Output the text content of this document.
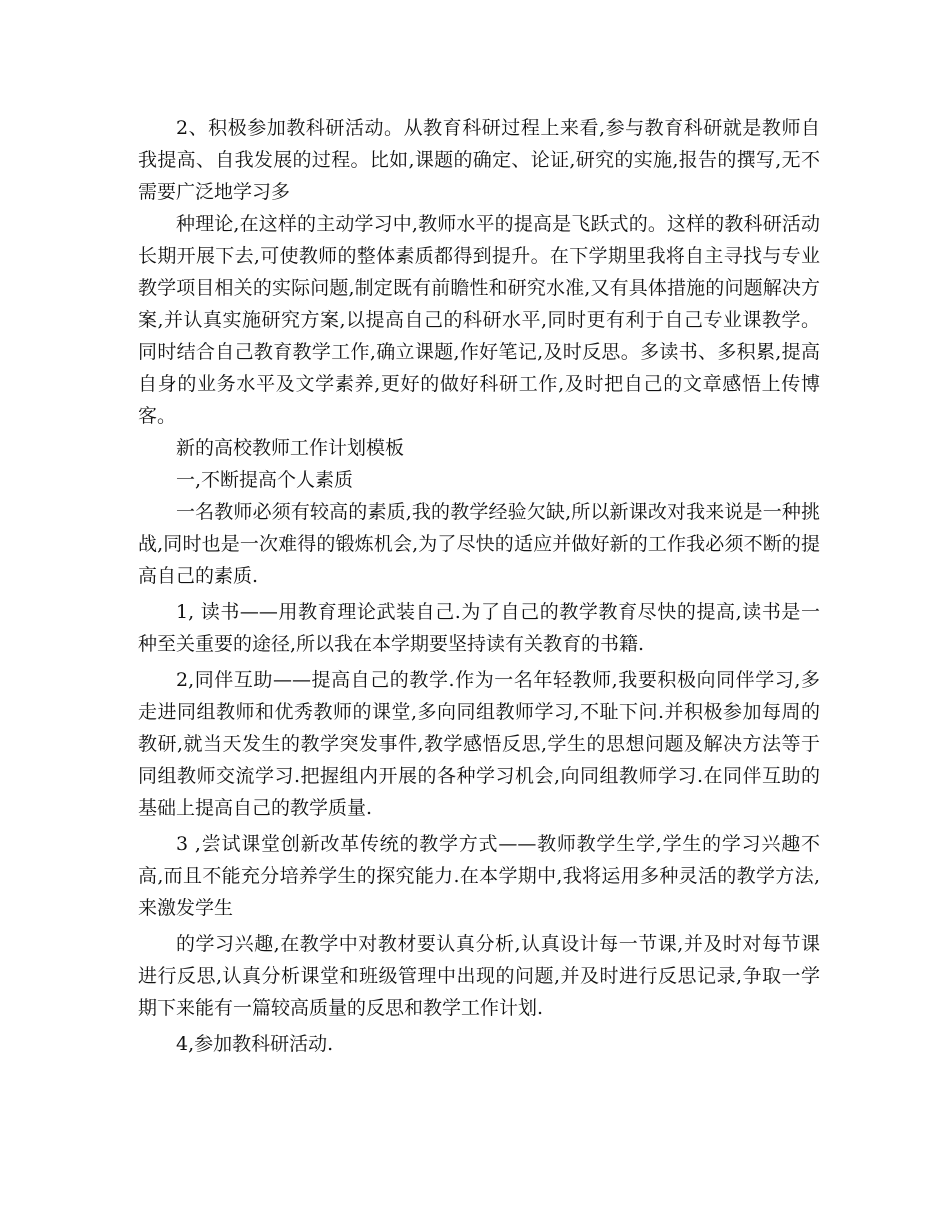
2、积极参加教科研活动。从教育科研过程上来看,参与教育科研就是教师自我提高、自我发展的过程。比如,课题的确定、论证,研究的实施,报告的撰写,无不需要广泛地学习多

种理论,在这样的主动学习中,教师水平的提高是飞跃式的。这样的教科研活动长期开展下去,可使教师的整体素质都得到提升。在下学期里我将自主寻找与专业教学项目相关的实际问题,制定既有前瞻性和研究水准,又有具体措施的问题解决方案,并认真实施研究方案,以提高自己的科研水平,同时更有利于自己专业课教学。同时结合自己教育教学工作,确立课题,作好笔记,及时反思。多读书、多积累,提高自身的业务水平及文学素养,更好的做好科研工作,及时把自己的文章感悟上传博客。

新的高校教师工作计划模板

一,不断提高个人素质

一名教师必须有较高的素质,我的教学经验欠缺,所以新课改对我来说是一种挑战,同时也是一次难得的锻炼机会,为了尽快的适应并做好新的工作我必须不断的提高自己的素质.

1, 读书——用教育理论武装自己.为了自己的教学教育尽快的提高,读书是一种至关重要的途径,所以我在本学期要坚持读有关教育的书籍.

2,同伴互助——提高自己的教学.作为一名年轻教师,我要积极向同伴学习,多走进同组教师和优秀教师的课堂,多向同组教师学习,不耻下问.并积极参加每周的教研,就当天发生的教学突发事件,教学感悟反思,学生的思想问题及解决方法等于同组教师交流学习.把握组内开展的各种学习机会,向同组教师学习.在同伴互助的基础上提高自己的教学质量.

3 ,尝试课堂创新改革传统的教学方式——教师教学生学,学生的学习兴趣不高,而且不能充分培养学生的探究能力.在本学期中,我将运用多种灵活的教学方法,来激发学生

的学习兴趣,在教学中对教材要认真分析,认真设计每一节课,并及时对每节课进行反思,认真分析课堂和班级管理中出现的问题,并及时进行反思记录,争取一学期下来能有一篇较高质量的反思和教学工作计划.

4,参加教科研活动.
